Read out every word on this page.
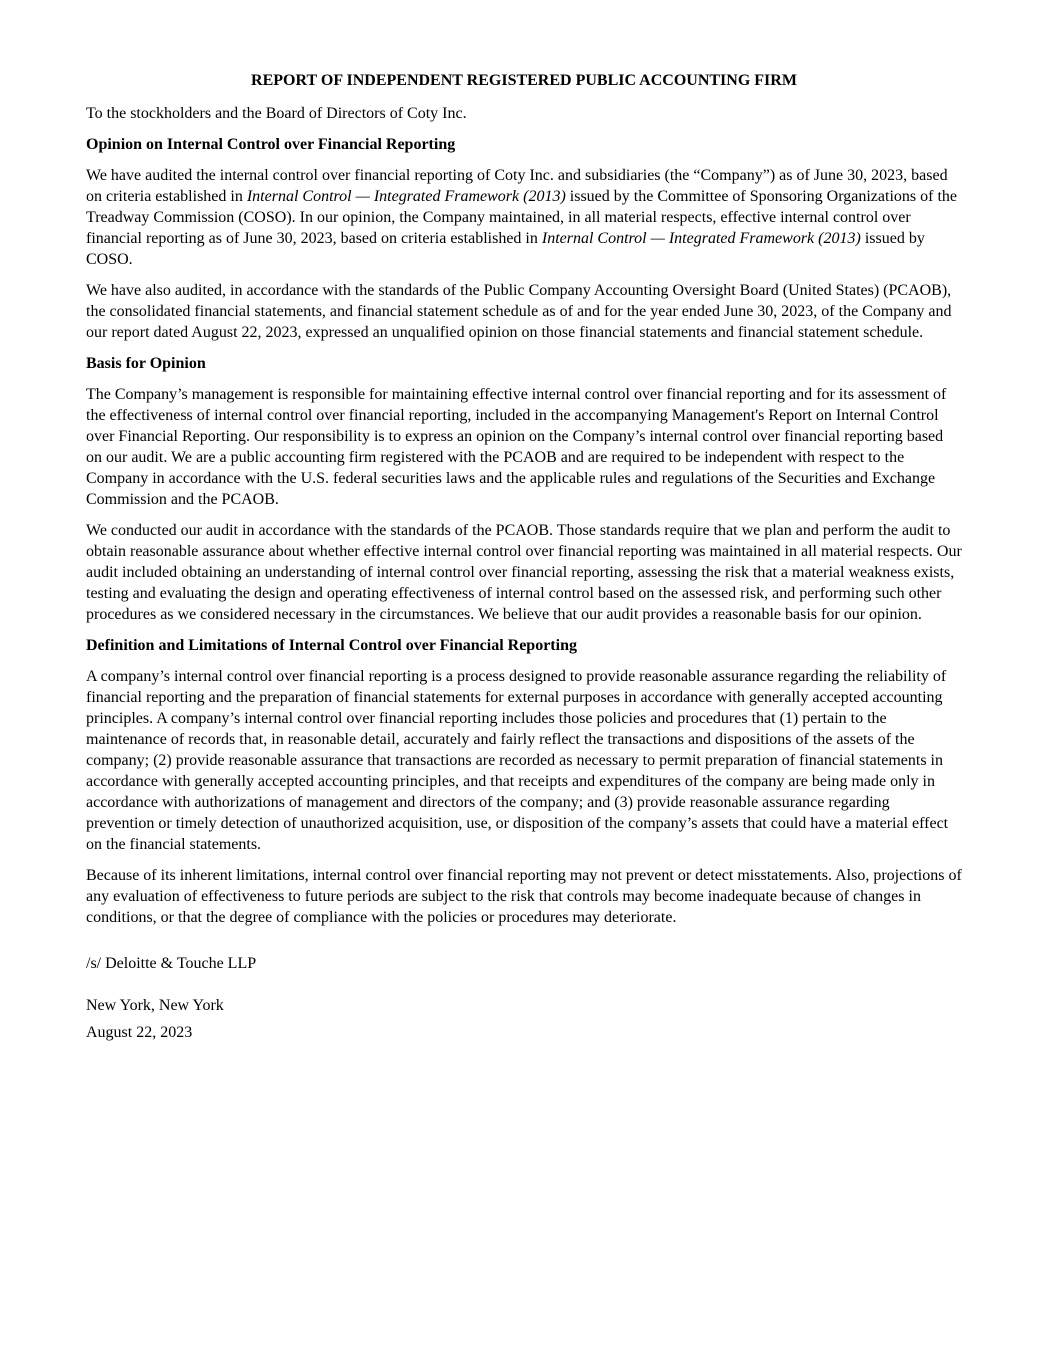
REPORT OF INDEPENDENT REGISTERED PUBLIC ACCOUNTING FIRM

To the stockholders and the Board of Directors of Coty Inc.

Opinion on Internal Control over Financial Reporting

We have audited the internal control over financial reporting of Coty Inc. and subsidiaries (the “Company”) as of June 30, 2023, based on criteria established in Internal Control — Integrated Framework (2013) issued by the Committee of Sponsoring Organizations of the Treadway Commission (COSO). In our opinion, the Company maintained, in all material respects, effective internal control over financial reporting as of June 30, 2023, based on criteria established in Internal Control — Integrated Framework (2013) issued by COSO.

We have also audited, in accordance with the standards of the Public Company Accounting Oversight Board (United States) (PCAOB), the consolidated financial statements, and financial statement schedule as of and for the year ended June 30, 2023, of the Company and our report dated August 22, 2023, expressed an unqualified opinion on those financial statements and financial statement schedule.

Basis for Opinion

The Company’s management is responsible for maintaining effective internal control over financial reporting and for its assessment of the effectiveness of internal control over financial reporting, included in the accompanying Management's Report on Internal Control over Financial Reporting. Our responsibility is to express an opinion on the Company’s internal control over financial reporting based on our audit. We are a public accounting firm registered with the PCAOB and are required to be independent with respect to the Company in accordance with the U.S. federal securities laws and the applicable rules and regulations of the Securities and Exchange Commission and the PCAOB.

We conducted our audit in accordance with the standards of the PCAOB. Those standards require that we plan and perform the audit to obtain reasonable assurance about whether effective internal control over financial reporting was maintained in all material respects. Our audit included obtaining an understanding of internal control over financial reporting, assessing the risk that a material weakness exists, testing and evaluating the design and operating effectiveness of internal control based on the assessed risk, and performing such other procedures as we considered necessary in the circumstances. We believe that our audit provides a reasonable basis for our opinion.

Definition and Limitations of Internal Control over Financial Reporting

A company’s internal control over financial reporting is a process designed to provide reasonable assurance regarding the reliability of financial reporting and the preparation of financial statements for external purposes in accordance with generally accepted accounting principles. A company’s internal control over financial reporting includes those policies and procedures that (1) pertain to the maintenance of records that, in reasonable detail, accurately and fairly reflect the transactions and dispositions of the assets of the company; (2) provide reasonable assurance that transactions are recorded as necessary to permit preparation of financial statements in accordance with generally accepted accounting principles, and that receipts and expenditures of the company are being made only in accordance with authorizations of management and directors of the company; and (3) provide reasonable assurance regarding prevention or timely detection of unauthorized acquisition, use, or disposition of the company’s assets that could have a material effect on the financial statements.

Because of its inherent limitations, internal control over financial reporting may not prevent or detect misstatements. Also, projections of any evaluation of effectiveness to future periods are subject to the risk that controls may become inadequate because of changes in conditions, or that the degree of compliance with the policies or procedures may deteriorate.

/s/ Deloitte & Touche LLP

New York, New York

August 22, 2023
